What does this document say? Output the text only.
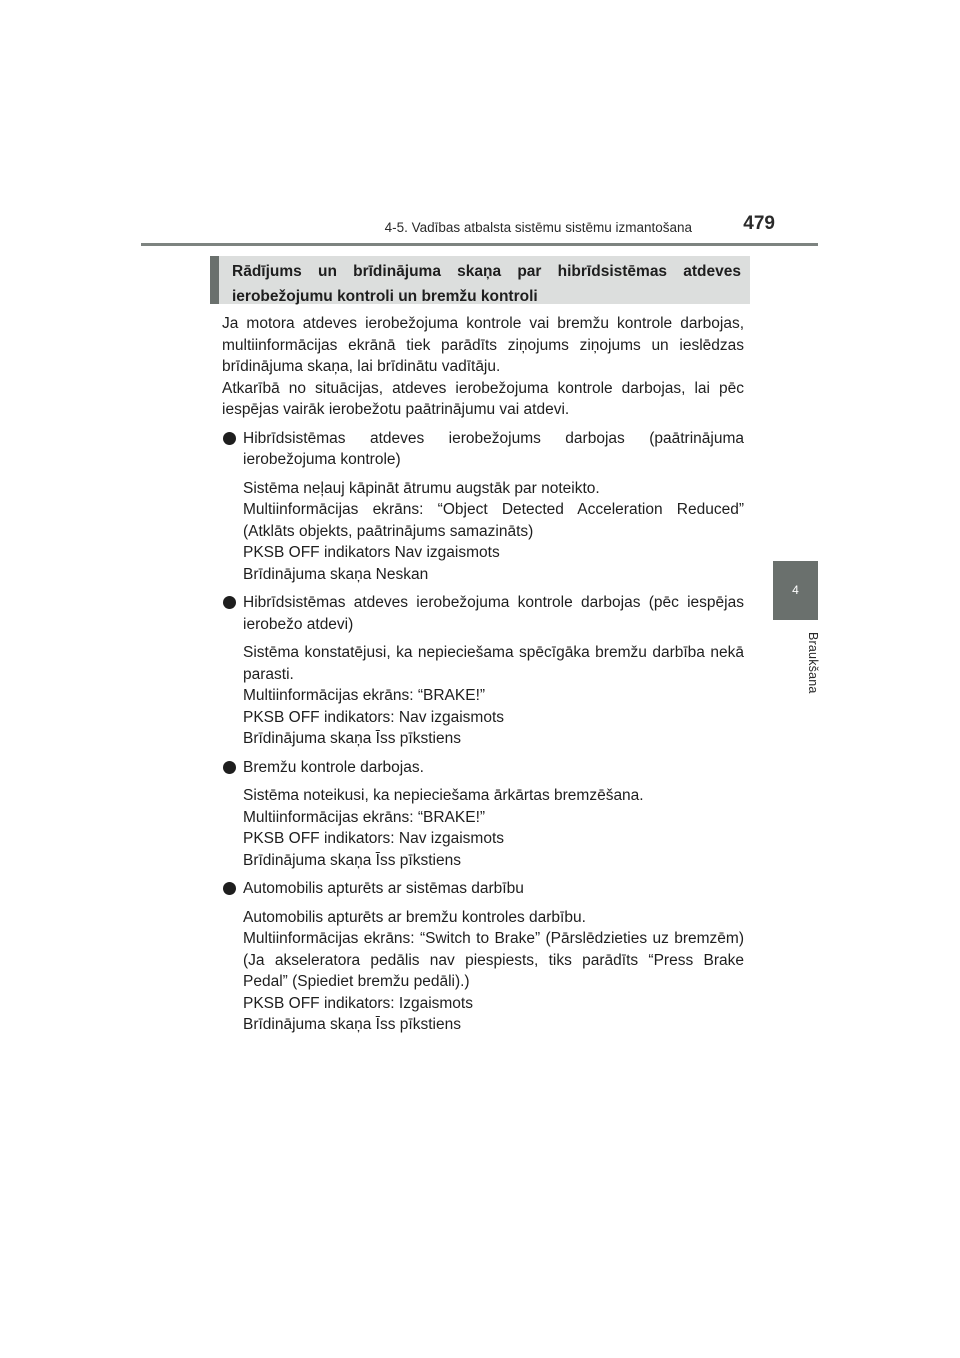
4-5. Vadības atbalsta sistēmu sistēmu izmantošana	479
4
Braukšana
Rādījums un brīdinājuma skaņa par hibrīdsistēmas atdeves ierobežojumu kontroli un bremžu kontroli

Ja motora atdeves ierobežojuma kontrole vai bremžu kontrole darbojas, multiinformācijas ekrānā tiek parādīts ziņojums ziņojums un ieslēdzas brīdinājuma skaņa, lai brīdinātu vadītāju.

Atkarībā no situācijas, atdeves ierobežojuma kontrole darbojas, lai pēc iespējas vairāk ierobežotu paātrinājumu vai atdevi.

Hibrīdsistēmas atdeves ierobežojums darbojas (paātrinājuma ierobežojuma kontrole)

Sistēma neļauj kāpināt ātrumu augstāk par noteikto.

Multiinformācijas ekrāns: “Object Detected Acceleration Reduced” (Atklāts objekts, paātrinājums samazināts)

PKSB OFF indikators Nav izgaismots

Brīdinājuma skaņa Neskan

Hibrīdsistēmas atdeves ierobežojuma kontrole darbojas (pēc iespējas ierobežo atdevi)

Sistēma konstatējusi, ka nepieciešama spēcīgāka bremžu darbība nekā parasti.

Multiinformācijas ekrāns: “BRAKE!”

PKSB OFF indikators: Nav izgaismots

Brīdinājuma skaņa Īss pīkstiens

Bremžu kontrole darbojas.

Sistēma noteikusi, ka nepieciešama ārkārtas bremzēšana.

Multiinformācijas ekrāns: “BRAKE!”

PKSB OFF indikators: Nav izgaismots

Brīdinājuma skaņa Īss pīkstiens

Automobilis apturēts ar sistēmas darbību

Automobilis apturēts ar bremžu kontroles darbību.

Multiinformācijas ekrāns: “Switch to Brake” (Pārslēdzieties uz bremzēm) (Ja akseleratora pedālis nav piespiests, tiks parādīts “Press Brake Pedal” (Spiediet bremžu pedāli).)

PKSB OFF indikators: Izgaismots

Brīdinājuma skaņa Īss pīkstiens
